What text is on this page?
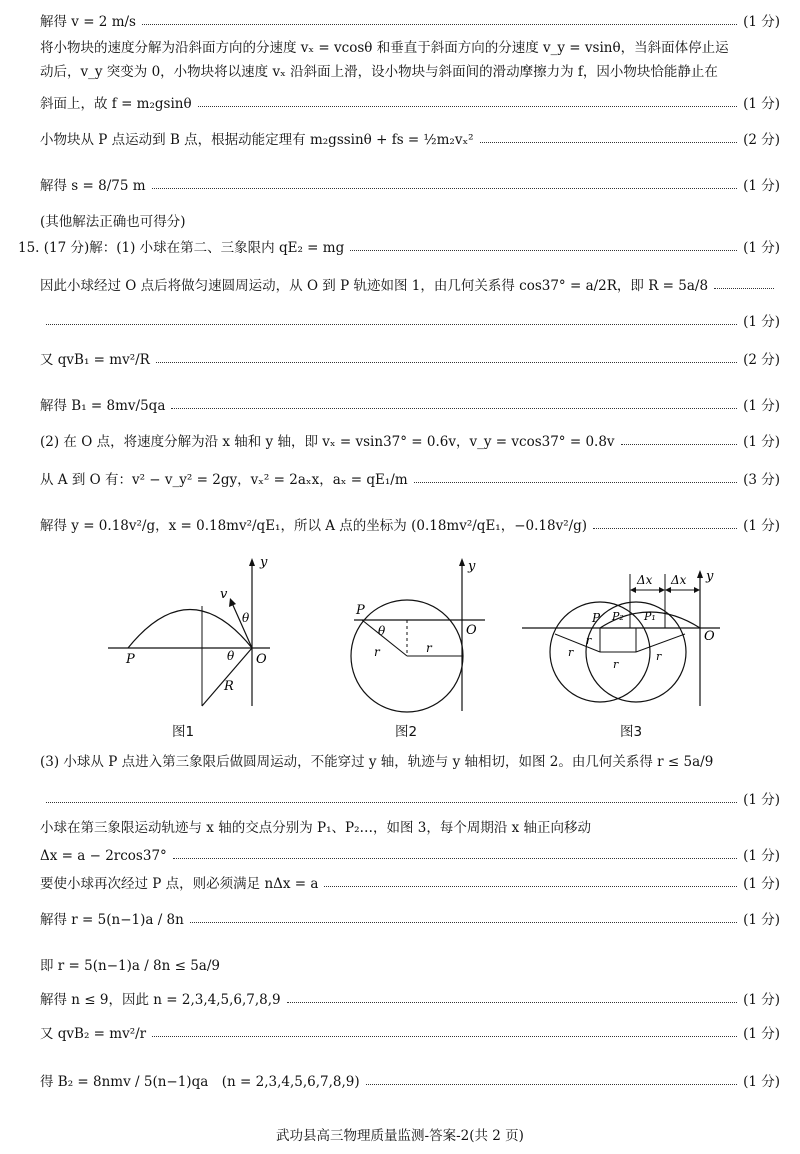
解得 v = 2 m/s	(1 分)
将小物块的速度分解为沿斜面方向的分速度 vₓ = vcosθ 和垂直于斜面方向的分速度 v_y = vsinθ，当斜面体停止运
动后，v_y 突变为 0，小物块将以速度 vₓ 沿斜面上滑，设小物块与斜面间的滑动摩擦力为 f，因小物块恰能静止在
斜面上，故 f = m₂gsinθ	(1 分)
小物块从 P 点运动到 B 点，根据动能定理有 m₂gssinθ + fs = ½m₂vₓ²	(2 分)
解得 s = 8/75 m	(1 分)
(其他解法正确也可得分)
15. (17 分)解：(1) 小球在第二、三象限内 qE₂ = mg	(1 分)
因此小球经过 O 点后将做匀速圆周运动，从 O 到 P 轨迹如图 1，由几何关系得 cos37° = a/2R，即 R = 5a/8
(1 分)
又 qvB₁ = mv²/R	(2 分)
解得 B₁ = 8mv/5qa	(1 分)
(2) 在 O 点，将速度分解为沿 x 轴和 y 轴，即 vₓ = vsin37° = 0.6v，v_y = vcos37° = 0.8v	(1 分)
从 A 到 O 有：v² − v_y² = 2gy，vₓ² = 2aₓx，aₓ = qE₁/m	(3 分)
解得 y = 0.18v²/g，x = 0.18mv²/qE₁，所以 A 点的坐标为 (0.18mv²/qE₁，−0.18v²/g)	(1 分)
y
v
θ
θ
P	O
R
y
P
θ	O
r	r
Δx Δx y
P P₂ P₁
O
r
r
r
r
图1	图2	图3
(3) 小球从 P 点进入第三象限后做圆周运动，不能穿过 y 轴，轨迹与 y 轴相切，如图 2。由几何关系得 r ≤ 5a/9
(1 分)
小球在第三象限运动轨迹与 x 轴的交点分别为 P₁、P₂…，如图 3，每个周期沿 x 轴正向移动
Δx = a − 2rcos37°	(1 分)
要使小球再次经过 P 点，则必须满足 nΔx = a	(1 分)
解得 r = 5(n−1)a / 8n	(1 分)
即 r = 5(n−1)a / 8n ≤ 5a/9
解得 n ≤ 9，因此 n = 2,3,4,5,6,7,8,9	(1 分)
又 qvB₂ = mv²/r	(1 分)
得 B₂ = 8nmv / 5(n−1)qa　(n = 2,3,4,5,6,7,8,9)	(1 分)
武功县高三物理质量监测-答案-2(共 2 页)
